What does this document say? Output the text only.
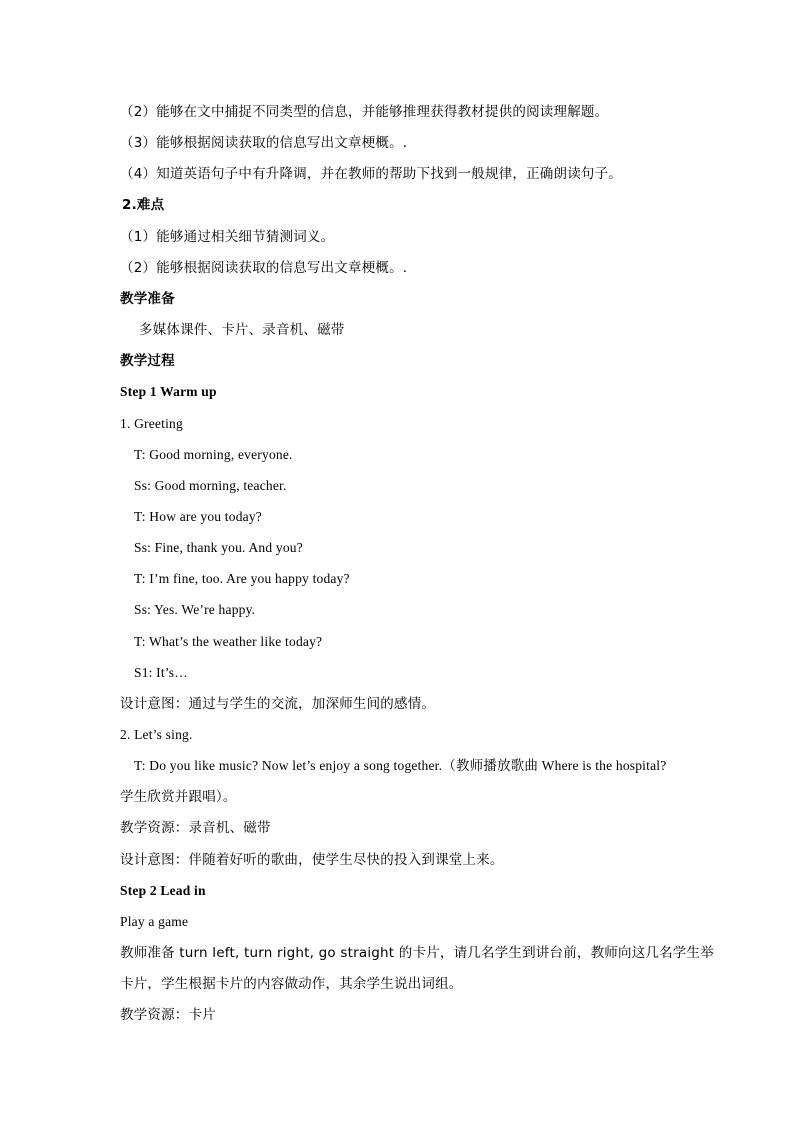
（2）能够在文中捕捉不同类型的信息，并能够推理获得教材提供的阅读理解题。
（3）能够根据阅读获取的信息写出文章梗概。.
（4）知道英语句子中有升降调，并在教师的帮助下找到一般规律，正确朗读句子。
2.难点
（1）能够通过相关细节猜测词义。
（2）能够根据阅读获取的信息写出文章梗概。.
教学准备
多媒体课件、卡片、录音机、磁带
教学过程
Step 1 Warm up
1. Greeting
T: Good morning, everyone.
Ss: Good morning, teacher.
T: How are you today?
Ss: Fine, thank you. And you?
T: I’m fine, too. Are you happy today?
Ss: Yes. We’re happy.
T: What’s the weather like today?
S1: It’s…
设计意图：通过与学生的交流，加深师生间的感情。
2. Let’s sing.
T: Do you like music? Now let’s enjoy a song together.（教师播放歌曲 Where is the hospital?
学生欣赏并跟唱）。
教学资源：录音机、磁带
设计意图：伴随着好听的歌曲，使学生尽快的投入到课堂上来。
Step 2 Lead in
Play a game
教师准备 turn left, turn right, go straight 的卡片，请几名学生到讲台前，教师向这几名学生举
卡片，学生根据卡片的内容做动作，其余学生说出词组。
教学资源：卡片
